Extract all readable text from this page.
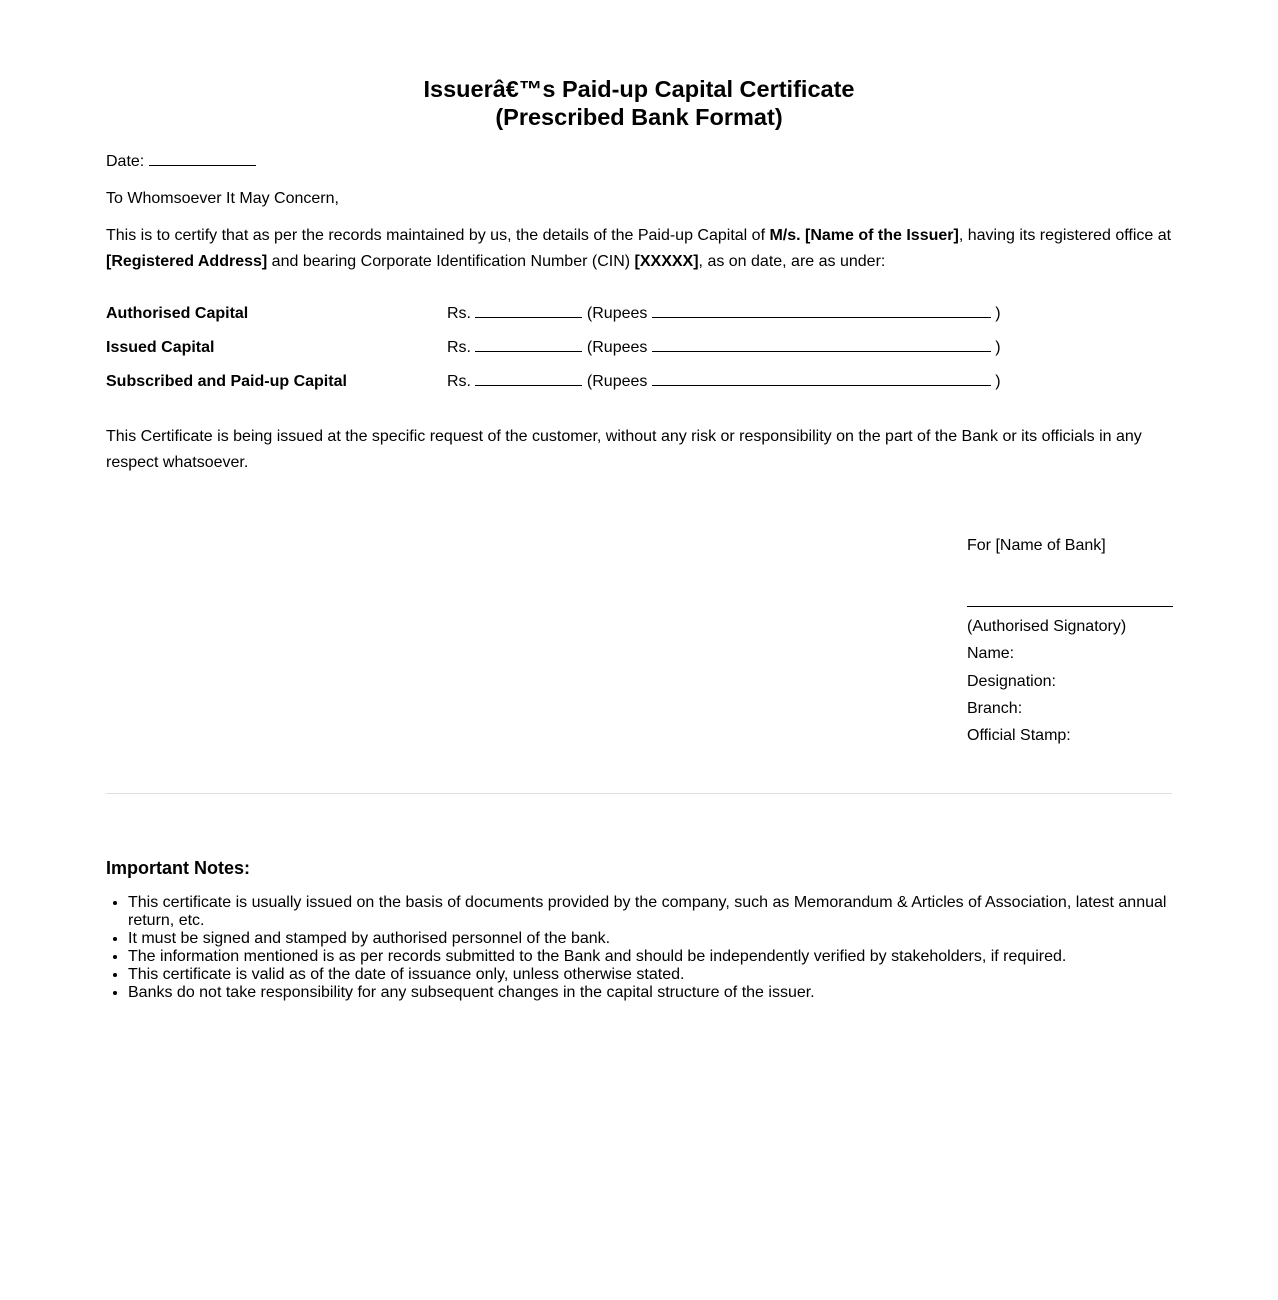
Issuerâ€™s Paid-up Capital Certificate
(Prescribed Bank Format)
Date:
To Whomsoever It May Concern,
This is to certify that as per the records maintained by us, the details of the Paid-up Capital of M/s. [Name of the Issuer], having its registered office at [Registered Address] and bearing Corporate Identification Number (CIN) [XXXXX], as on date, are as under:
Authorised Capital	Rs.	(Rupees	)
Issued Capital	Rs.	(Rupees	)
Subscribed and Paid-up Capital	Rs.	(Rupees	)
This Certificate is being issued at the specific request of the customer, without any risk or responsibility on the part of the Bank or its officials in any respect whatsoever.
For [Name of Bank]
(Authorised Signatory)
Name:
Designation:
Branch:
Official Stamp:
Important Notes:
• This certificate is usually issued on the basis of documents provided by the company, such as Memorandum & Articles of Association, latest annual return, etc.
• It must be signed and stamped by authorised personnel of the bank.
• The information mentioned is as per records submitted to the Bank and should be independently verified by stakeholders, if required.
• This certificate is valid as of the date of issuance only, unless otherwise stated.
• Banks do not take responsibility for any subsequent changes in the capital structure of the issuer.
